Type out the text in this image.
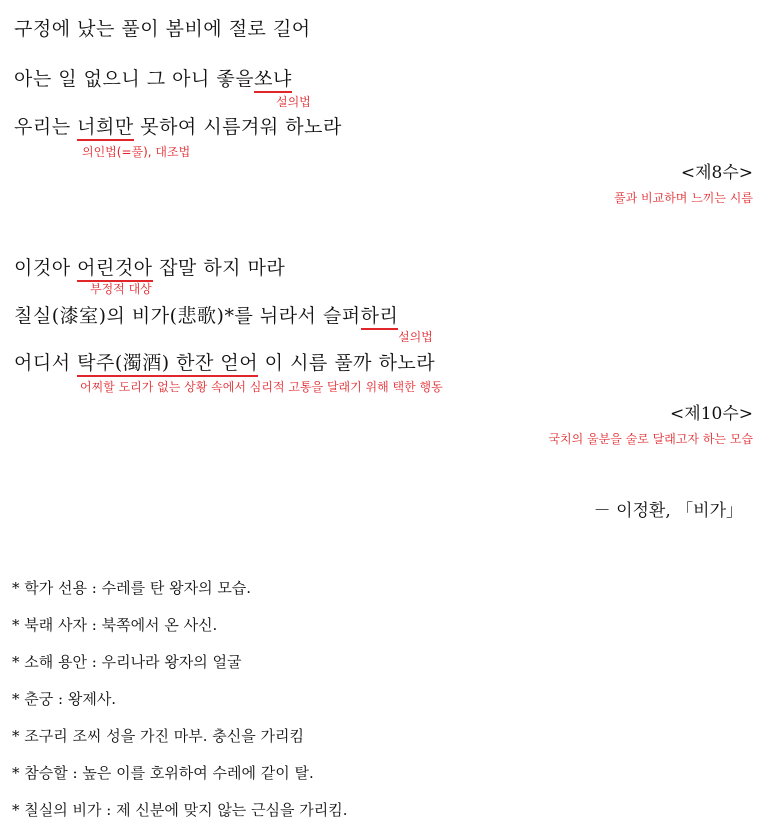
구정에 났는 풀이 봄비에 절로 길어
아는 일 없으니 그 아니 좋을쏘냐
설의법
우리는 너희만 못하여 시름겨워 하노라
의인법(=풀), 대조법
<제8수>
풀과 비교하며 느끼는 시름
이것아 어린것아 잡말 하지 마라
부정적 대상
칠실(漆室)의 비가(悲歌)*를 뉘라서 슬퍼하리
설의법
어디서 탁주(濁酒) 한잔 얻어 이 시름 풀까 하노라
어찌할 도리가 없는 상황 속에서 심리적 고통을 달래기 위해 택한 행동
<제10수>
국치의 울분을 술로 달래고자 하는 모습
－ 이정환, 「비가」
* 학가 선용 : 수레를 탄 왕자의 모습.
* 북래 사자 : 북쪽에서 온 사신.
* 소해 용안 : 우리나라 왕자의 얼굴
* 춘궁 : 왕제사.
* 조구리 조씨 성을 가진 마부. 충신을 가리킴
* 참승할 : 높은 이를 호위하여 수레에 같이 탈.
* 칠실의 비가 : 제 신분에 맞지 않는 근심을 가리킴.
